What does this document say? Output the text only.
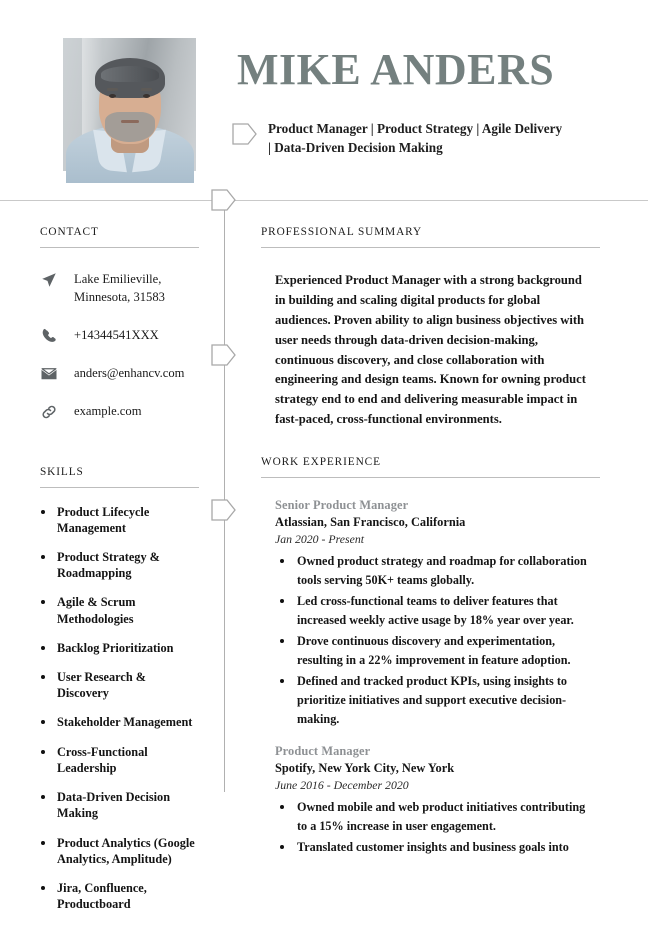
MIKE ANDERS
Product Manager | Product Strategy | Agile Delivery | Data-Driven Decision Making
CONTACT
Lake Emilieville, Minnesota, 31583
+14344541XXX
anders@enhancv.com
example.com
SKILLS
Product Lifecycle Management
Product Strategy & Roadmapping
Agile & Scrum Methodologies
Backlog Prioritization
User Research & Discovery
Stakeholder Management
Cross-Functional Leadership
Data-Driven Decision Making
Product Analytics (Google Analytics, Amplitude)
Jira, Confluence, Productboard
PROFESSIONAL SUMMARY
Experienced Product Manager with a strong background in building and scaling digital products for global audiences. Proven ability to align business objectives with user needs through data-driven decision-making, continuous discovery, and close collaboration with engineering and design teams. Known for owning product strategy end to end and delivering measurable impact in fast-paced, cross-functional environments.
WORK EXPERIENCE
Senior Product Manager
Atlassian, San Francisco, California
Jan 2020 - Present
Owned product strategy and roadmap for collaboration tools serving 50K+ teams globally.
Led cross-functional teams to deliver features that increased weekly active usage by 18% year over year.
Drove continuous discovery and experimentation, resulting in a 22% improvement in feature adoption.
Defined and tracked product KPIs, using insights to prioritize initiatives and support executive decision-making.
Product Manager
Spotify, New York City, New York
June 2016 - December 2020
Owned mobile and web product initiatives contributing to a 15% increase in user engagement.
Translated customer insights and business goals into
